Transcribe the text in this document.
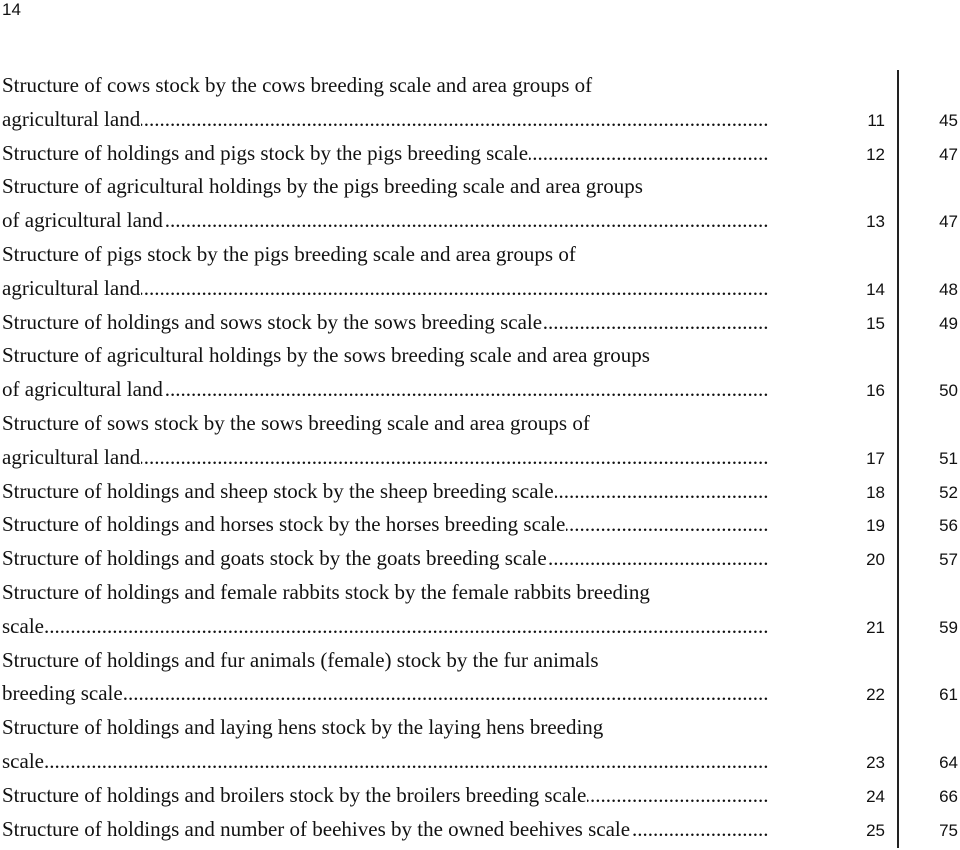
14
Structure of cows stock by the cows breeding scale and area groups of
agricultural land .....	11	45
Structure of holdings and pigs stock by the pigs breeding scale .....	12	47
Structure of agricultural holdings by the pigs breeding scale and area groups
of agricultural land .....	13	47
Structure of pigs stock by the pigs breeding scale and area groups of
agricultural land .....	14	48
Structure of holdings and sows stock by the sows breeding scale .....	15	49
Structure of agricultural holdings by the sows breeding scale and area groups
of agricultural land .....	16	50
Structure of sows stock by the sows breeding scale and area groups of
agricultural land .....	17	51
Structure of holdings and sheep stock by the sheep breeding scale .....	18	52
Structure of holdings and horses stock by the horses breeding scale .....	19	56
Structure of holdings and goats stock by the goats breeding scale .....	20	57
Structure of holdings and female rabbits stock by the female rabbits breeding
scale .....	21	59
Structure of holdings and fur animals (female) stock by the fur animals
breeding scale .....	22	61
Structure of holdings and laying hens stock by the laying hens breeding
scale .....	23	64
Structure of holdings and broilers stock by the broilers breeding scale .....	24	66
Structure of holdings and number of beehives by the owned beehives scale .....	25	75
